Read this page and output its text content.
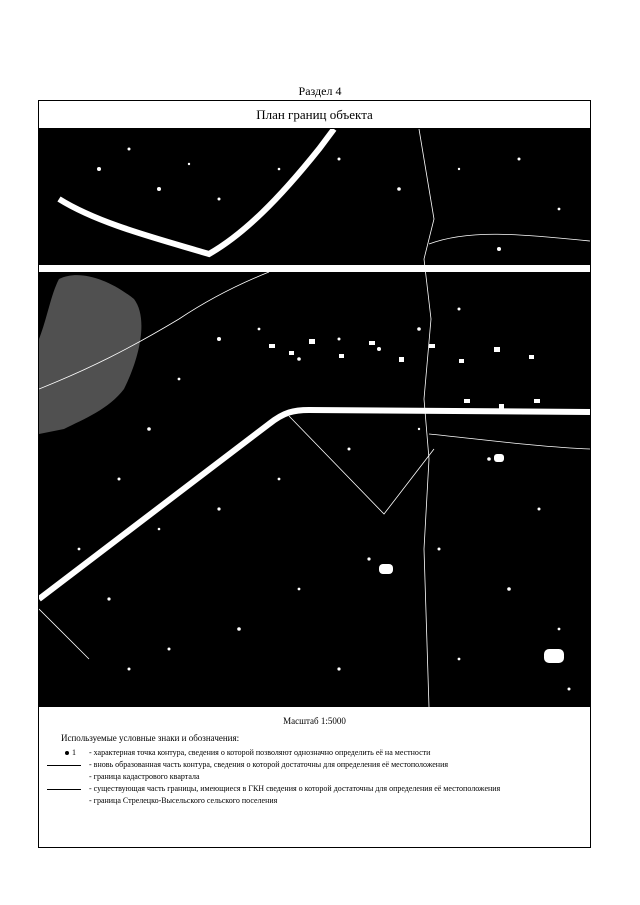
Раздел 4
План границ объекта
Масштаб 1:5000
Используемые условные знаки и обозначения:
1 - характерная точка контура, сведения о которой позволяют однозначно определить её на местности
- вновь образованная часть контура, сведения о которой достаточны для определения её местоположения
- граница кадастрового квартала
- существующая часть границы, имеющиеся в ГКН сведения о которой достаточны для определения её местоположения
- граница Стрелецко-Высельского сельского поселения
